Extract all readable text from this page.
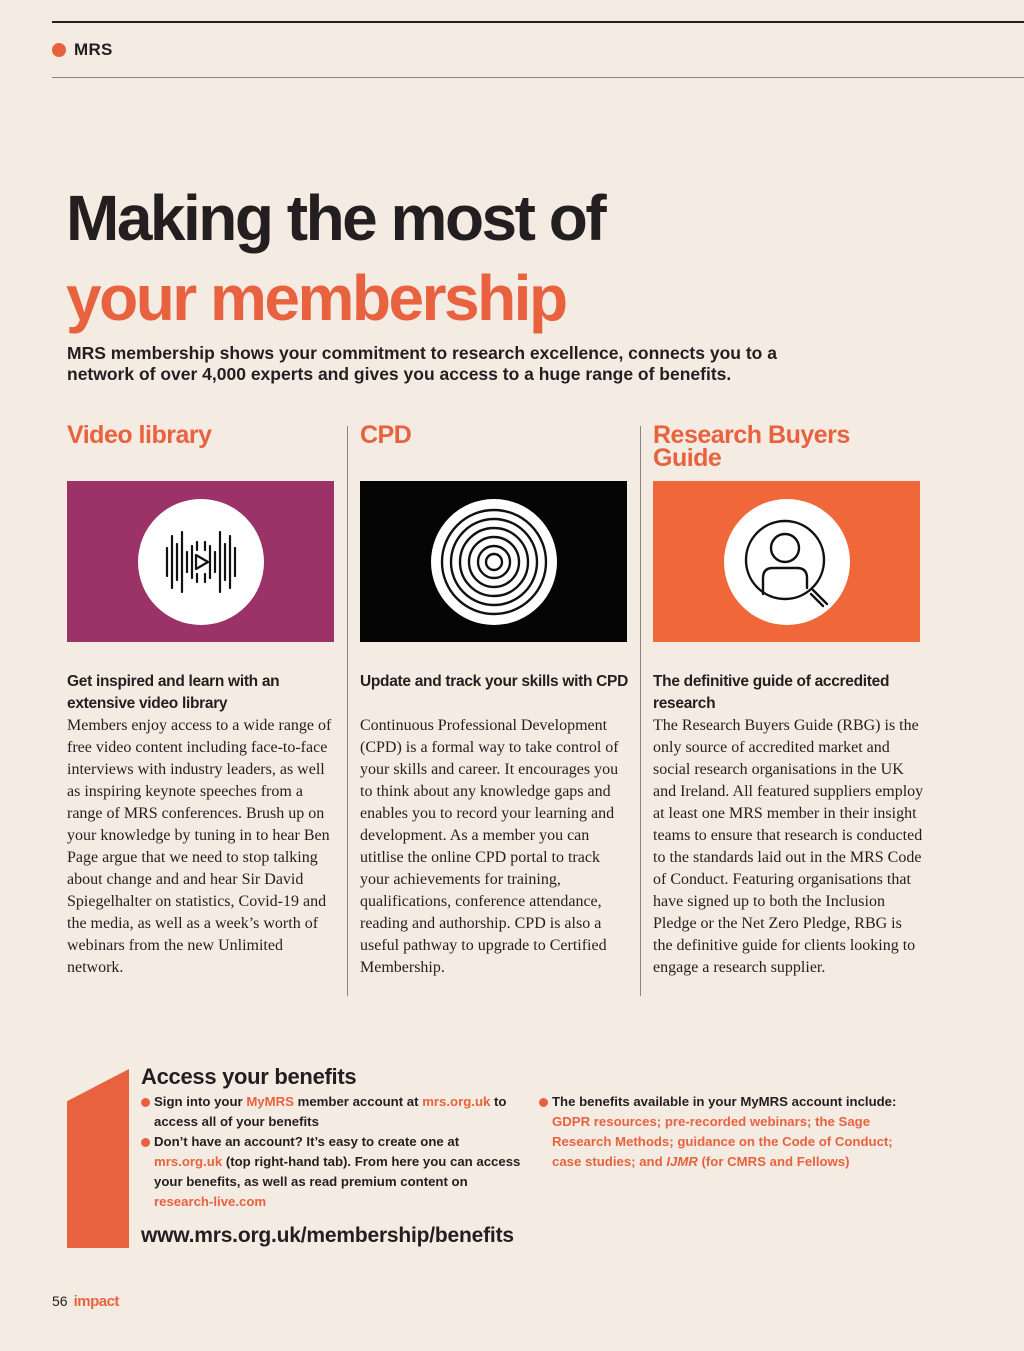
MRS
Making the most of
your membership

MRS membership shows your commitment to research excellence, connects you to a network of over 4,000 experts and gives you access to a huge range of benefits.

Video library

Get inspired and learn with an extensive video library

Members enjoy access to a wide range of free video content including face-to-face interviews with industry leaders, as well as inspiring keynote speeches from a range of MRS conferences. Brush up on your knowledge by tuning in to hear Ben Page argue that we need to stop talking about change and and hear Sir David Spiegelhalter on statistics, Covid-19 and the media, as well as a week’s worth of webinars from the new Unlimited network.

CPD

Update and track your skills with CPD

Continuous Professional Development (CPD) is a formal way to take control of your skills and career. It encourages you to think about any knowledge gaps and enables you to record your learning and development. As a member you can utitlise the online CPD portal to track your achievements for training, qualifications, conference attendance, reading and authorship. CPD is also a useful pathway to upgrade to Certified Membership.

Research Buyers Guide

The definitive guide of accredited research

The Research Buyers Guide (RBG) is the only source of accredited market and social research organisations in the UK and Ireland. All featured suppliers employ at least one MRS member in their insight teams to ensure that research is conducted to the standards laid out in the MRS Code of Conduct. Featuring organisations that have signed up to both the Inclusion Pledge or the Net Zero Pledge, RBG is the definitive guide for clients looking to engage a research supplier.

Access your benefits
Sign into your MyMRS member account at mrs.org.uk to access all of your benefits
Don’t have an account? It’s easy to create one at mrs.org.uk (top right-hand tab). From here you can access your benefits, as well as read premium content on research-live.com
The benefits available in your MyMRS account include: GDPR resources; pre-recorded webinars; the Sage Research Methods; guidance on the Code of Conduct; case studies; and IJMR (for CMRS and Fellows)

www.mrs.org.uk/membership/benefits

56 impact
